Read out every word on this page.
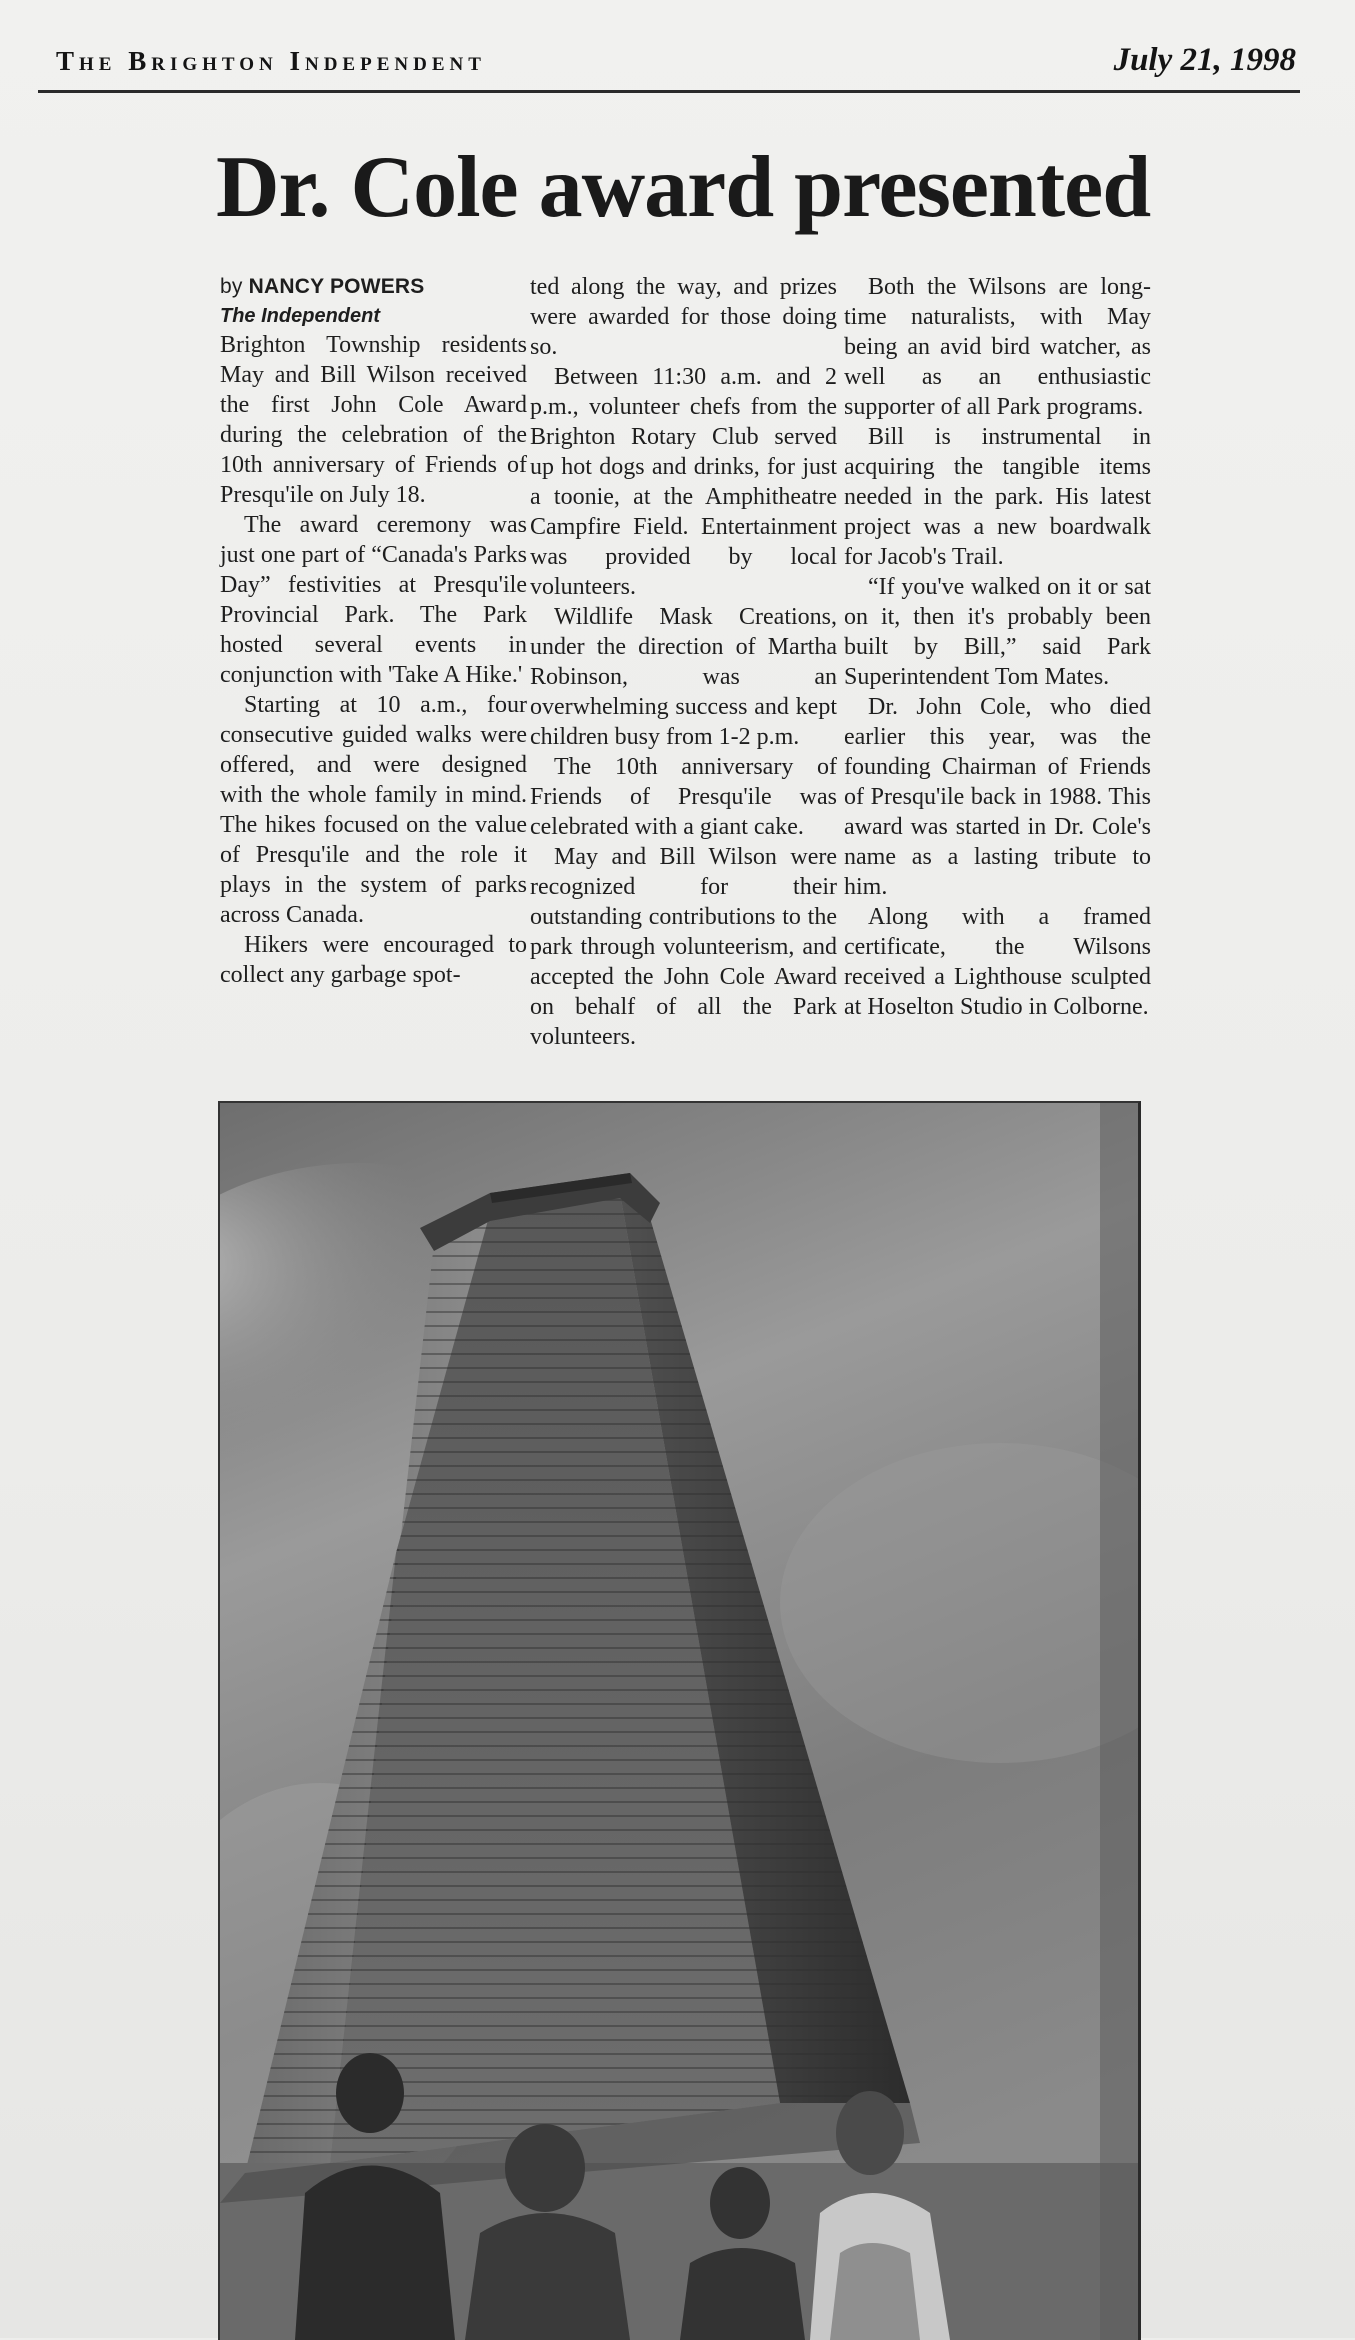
The Brighton Independent	July 21, 1998
Dr. Cole award presented
by NANCY POWERS
The Independent

Brighton Township residents May and Bill Wilson received the first John Cole Award during the celebration of the 10th anniversary of Friends of Presqu'ile on July 18.

The award ceremony was just one part of “Canada's Parks Day” festivities at Presqu'ile Provincial Park. The Park hosted several events in conjunction with 'Take A Hike.'

Starting at 10 a.m., four consecutive guided walks were offered, and were designed with the whole family in mind. The hikes focused on the value of Presqu'ile and the role it plays in the system of parks across Canada.

Hikers were encouraged to collect any garbage spot-

ted along the way, and prizes were awarded for those doing so.

Between 11:30 a.m. and 2 p.m., volunteer chefs from the Brighton Rotary Club served up hot dogs and drinks, for just a toonie, at the Amphitheatre Campfire Field. Entertainment was provided by local volunteers.

Wildlife Mask Creations, under the direction of Martha Robinson, was an overwhelming success and kept children busy from 1-2 p.m.

The 10th anniversary of Friends of Presqu'ile was celebrated with a giant cake.

May and Bill Wilson were recognized for their outstanding contributions to the park through volunteerism, and accepted the John Cole Award on behalf of all the Park volunteers.

Both the Wilsons are long-time naturalists, with May being an avid bird watcher, as well as an enthusiastic supporter of all Park programs.

Bill is instrumental in acquiring the tangible items needed in the park. His latest project was a new boardwalk for Jacob's Trail.

“If you've walked on it or sat on it, then it's probably been built by Bill,” said Park Superintendent Tom Mates.

Dr. John Cole, who died earlier this year, was the founding Chairman of Friends of Presqu'ile back in 1988. This award was started in Dr. Cole's name as a lasting tribute to him.

Along with a framed certificate, the Wilsons received a Lighthouse sculpted at Hoselton Studio in Colborne.
